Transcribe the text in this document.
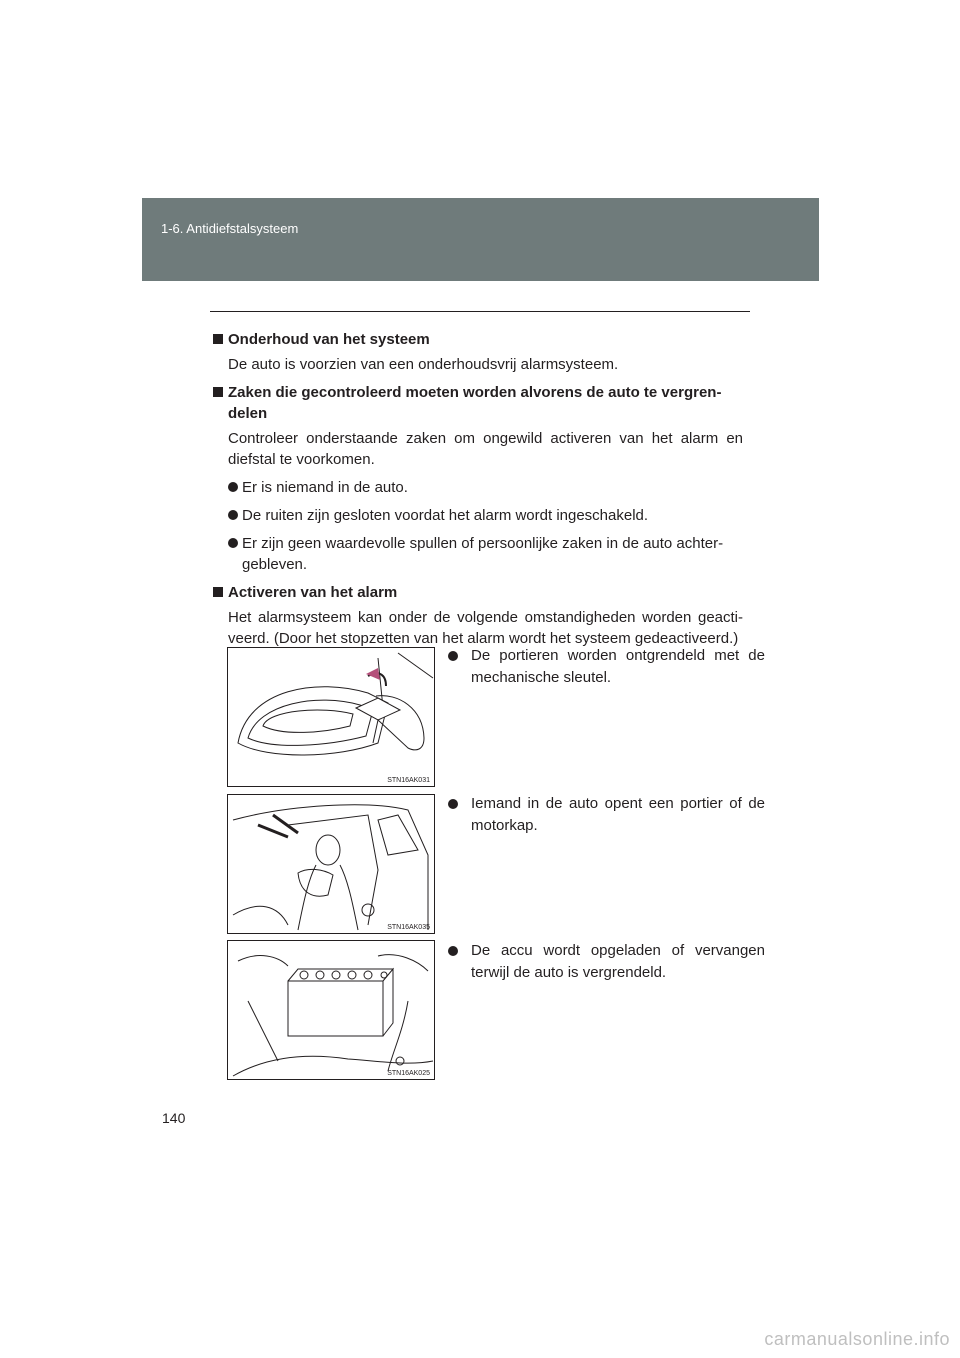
1-6. Antidiefstalsysteem
Onderhoud van het systeem
De auto is voorzien van een onderhoudsvrij alarmsysteem.
Zaken die gecontroleerd moeten worden alvorens de auto te vergren-delen
Controleer onderstaande zaken om ongewild activeren van het alarm en diefstal te voorkomen.
Er is niemand in de auto.
De ruiten zijn gesloten voordat het alarm wordt ingeschakeld.
Er zijn geen waardevolle spullen of persoonlijke zaken in de auto achter-gebleven.
Activeren van het alarm
Het alarmsysteem kan onder de volgende omstandigheden worden geacti-veerd. (Door het stopzetten van het alarm wordt het systeem gedeactiveerd.)
STN16AK031
De portieren worden ontgrendeld met de mechanische sleutel.
STN16AK035
Iemand in de auto opent een portier of de motorkap.
STN16AK025
De accu wordt opgeladen of vervangen terwijl de auto is vergrendeld.
140
carmanualsonline.info
